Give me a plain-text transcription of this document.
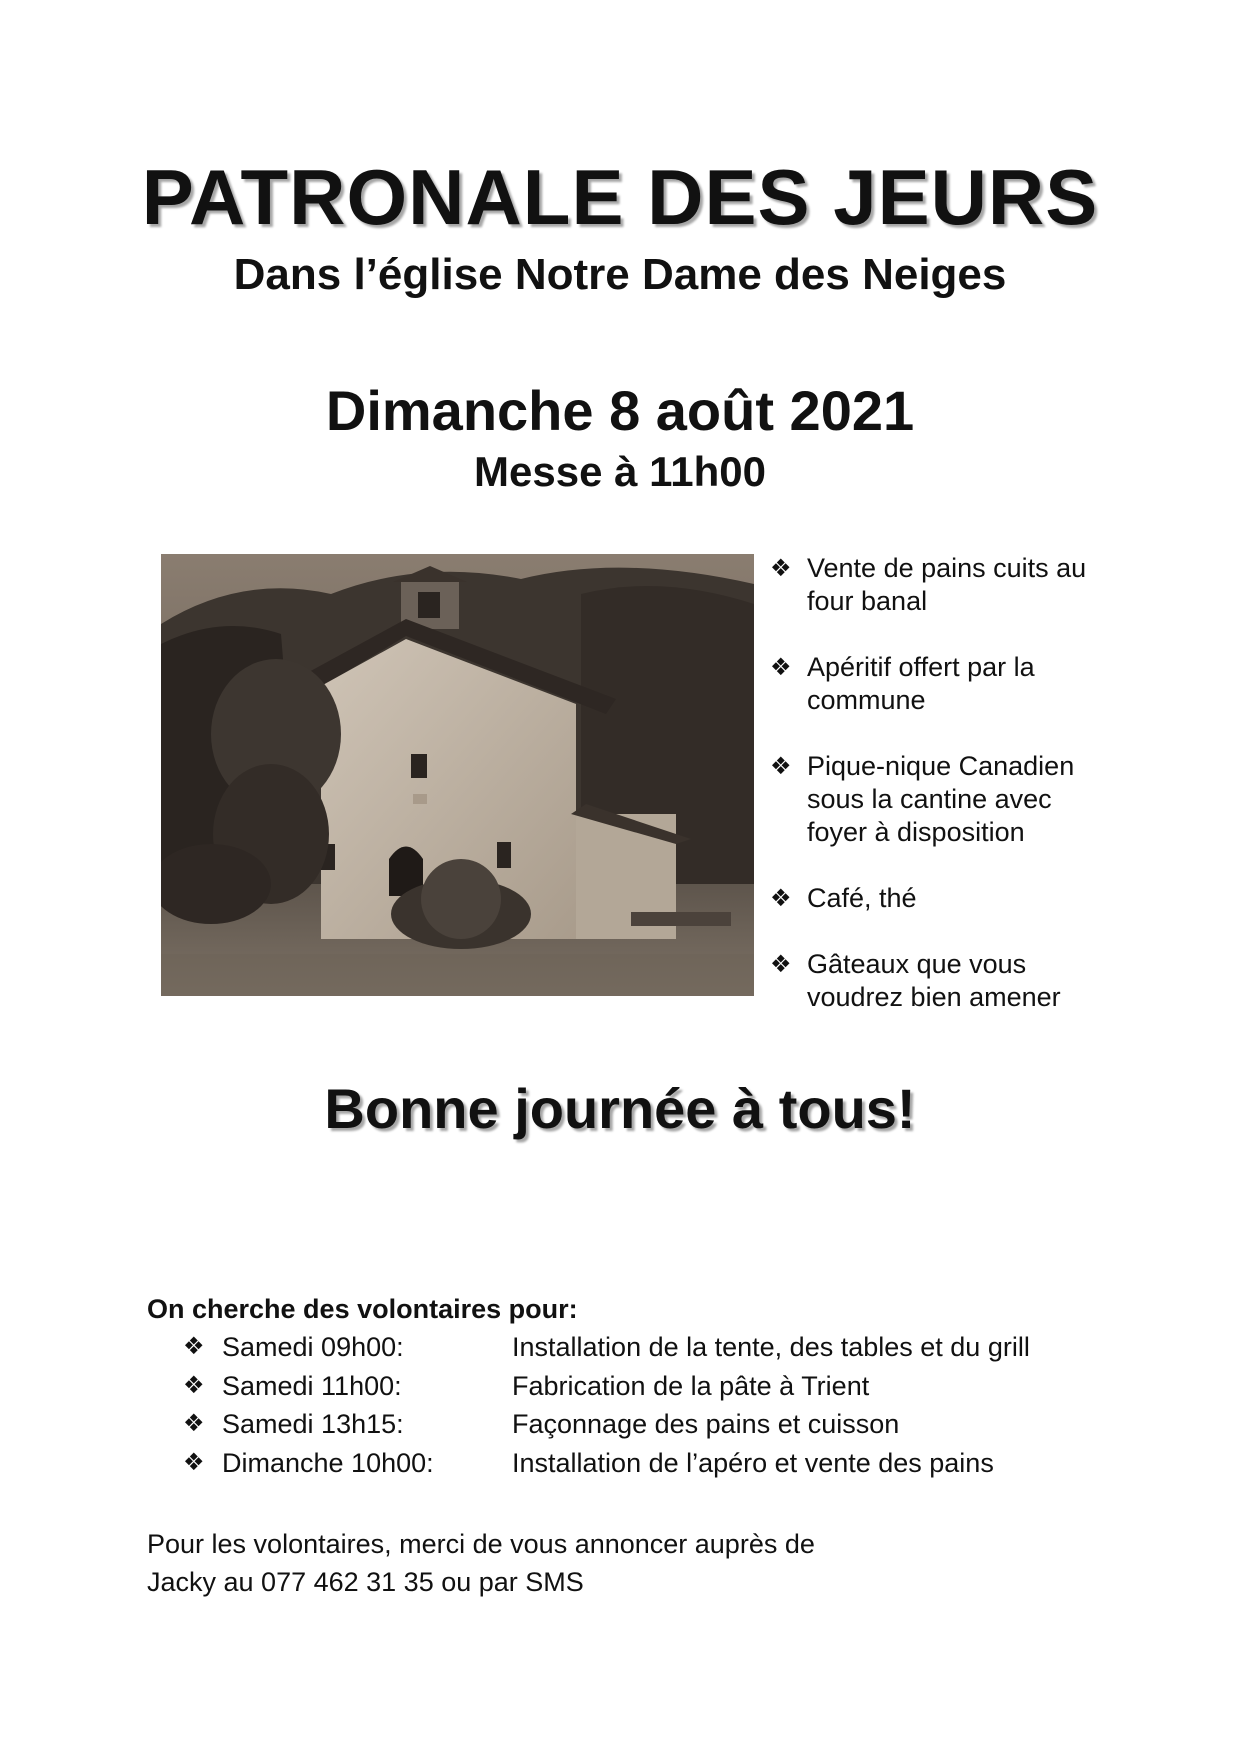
PATRONALE DES JEURS
Dans l’église Notre Dame des Neiges
Dimanche 8 août 2021
Messe à 11h00
❖ Vente de pains cuits au
four banal
❖ Apéritif offert par la
commune
❖ Pique-nique Canadien
sous la cantine avec
foyer à disposition
❖ Café, thé
❖ Gâteaux que vous
voudrez bien amener
Bonne journée à tous!

On cherche des volontaires pour:

❖ Samedi 09h00:	Installation de la tente, des tables et du grill
❖ Samedi 11h00:	Fabrication de la pâte à Trient
❖ Samedi 13h15:	Façonnage des pains et cuisson
❖ Dimanche 10h00:	Installation de l’apéro et vente des pains

Pour les volontaires, merci de vous annoncer auprès de
Jacky au 077 462 31 35 ou par SMS
